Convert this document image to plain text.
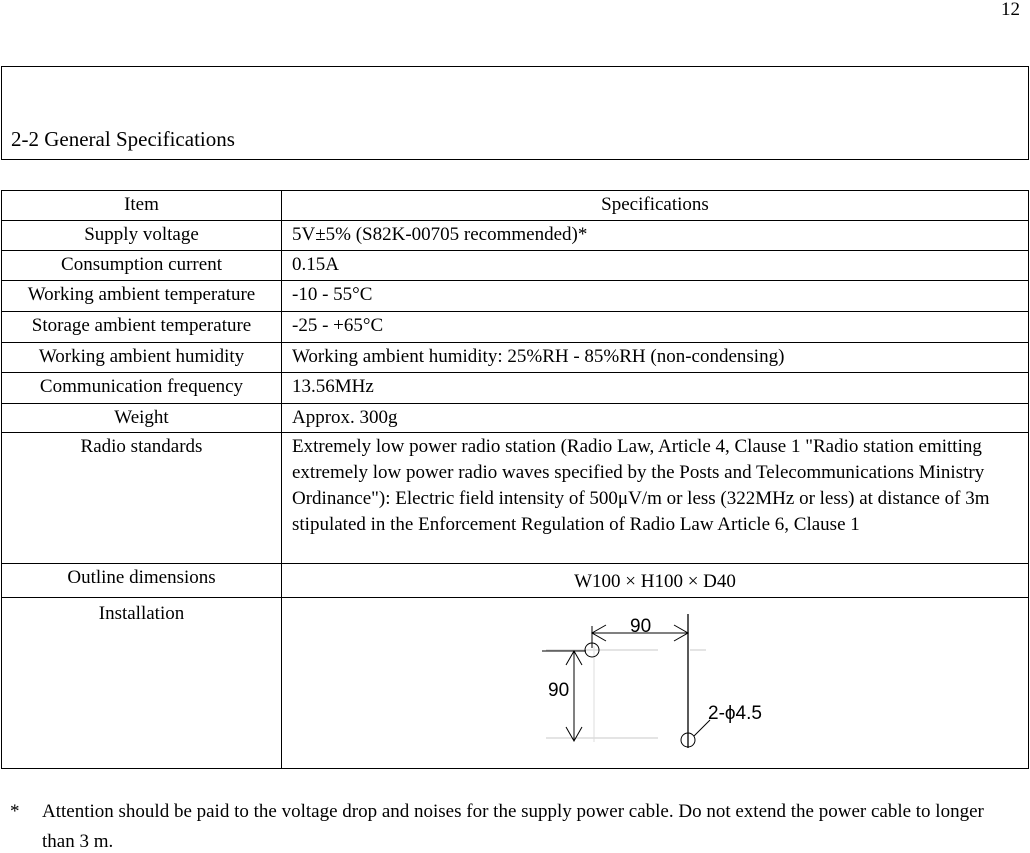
12
2-2 General Specifications
Item	Specifications
Supply voltage	5V±5% (S82K-00705 recommended)*
Consumption current	0.15A
Working ambient temperature	-10 - 55°C
Storage ambient temperature	-25 - +65°C
Working ambient humidity	Working ambient humidity: 25%RH - 85%RH (non-condensing)
Communication frequency	13.56MHz
Weight	Approx. 300g
Radio standards	Extremely low power radio station (Radio Law, Article 4, Clause 1 "Radio station emitting extremely low power radio waves specified by the Posts and Telecommunications Ministry Ordinance"): Electric field intensity of 500μV/m or less (322MHz or less) at distance of 3m stipulated in the Enforcement Regulation of Radio Law Article 6, Clause 1
Outline dimensions	W100 × H100 × D40
Installation	90
90
2-ϕ4.5
* Attention should be paid to the voltage drop and noises for the supply power cable. Do not extend the power cable to longer than 3 m.
